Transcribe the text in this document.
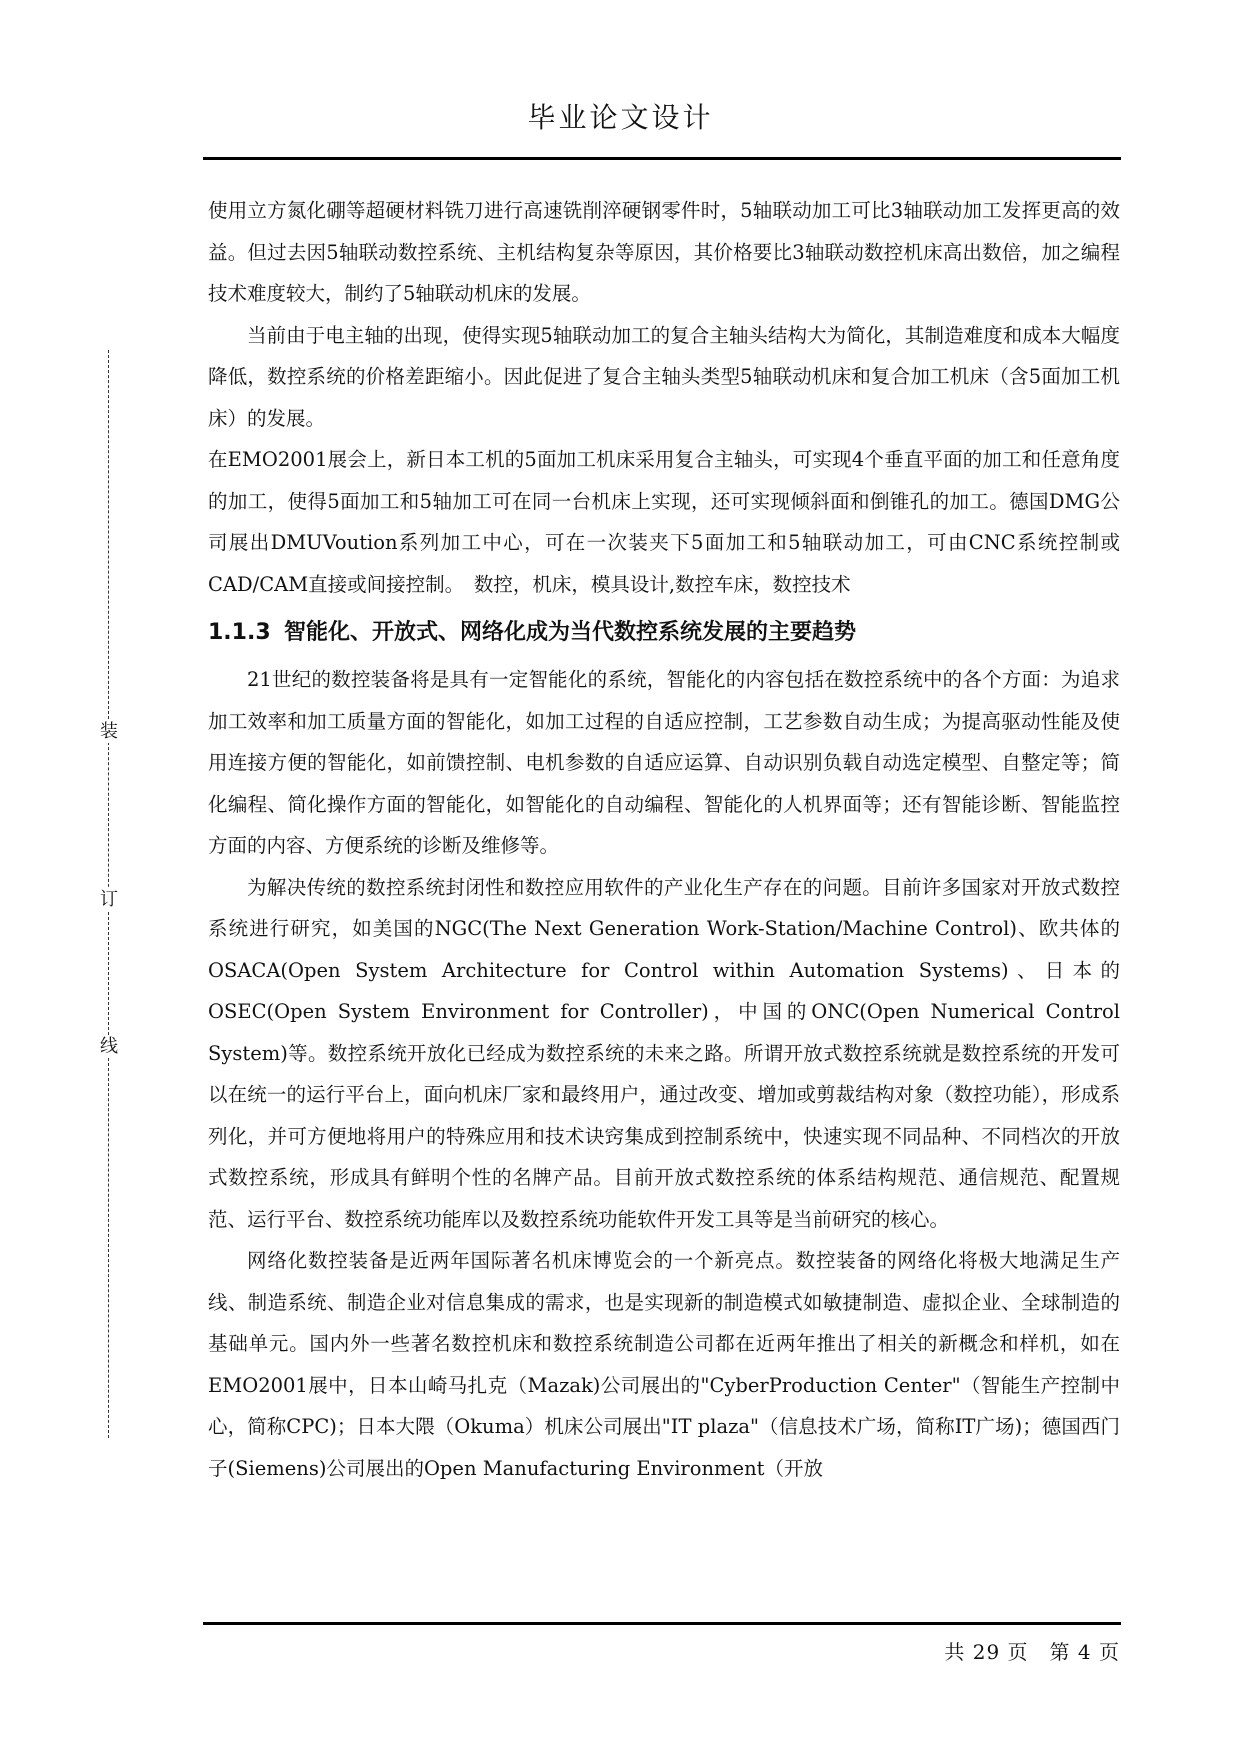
毕业论文设计
装
订
线

使用立方氮化硼等超硬材料铣刀进行高速铣削淬硬钢零件时，5轴联动加工可比3轴联动加工发挥更高的效益。但过去因5轴联动数控系统、主机结构复杂等原因，其价格要比3轴联动数控机床高出数倍，加之编程技术难度较大，制约了5轴联动机床的发展。

当前由于电主轴的出现，使得实现5轴联动加工的复合主轴头结构大为简化，其制造难度和成本大幅度降低，数控系统的价格差距缩小。因此促进了复合主轴头类型5轴联动机床和复合加工机床（含5面加工机床）的发展。

在EMO2001展会上，新日本工机的5面加工机床采用复合主轴头，可实现4个垂直平面的加工和任意角度的加工，使得5面加工和5轴加工可在同一台机床上实现，还可实现倾斜面和倒锥孔的加工。德国DMG公司展出DMUVoution系列加工中心，可在一次装夹下5面加工和5轴联动加工，可由CNC系统控制或CAD/CAM直接或间接控制。　数控，机床，模具设计,数控车床，数控技术

1.1.3 智能化、开放式、网络化成为当代数控系统发展的主要趋势

21世纪的数控装备将是具有一定智能化的系统，智能化的内容包括在数控系统中的各个方面：为追求加工效率和加工质量方面的智能化，如加工过程的自适应控制，工艺参数自动生成；为提高驱动性能及使用连接方便的智能化，如前馈控制、电机参数的自适应运算、自动识别负载自动选定模型、自整定等；简化编程、简化操作方面的智能化，如智能化的自动编程、智能化的人机界面等；还有智能诊断、智能监控方面的内容、方便系统的诊断及维修等。

为解决传统的数控系统封闭性和数控应用软件的产业化生产存在的问题。目前许多国家对开放式数控系统进行研究，如美国的NGC(The Next Generation Work-Station/Machine Control)、欧共体的OSACA(Open System Architecture for Control within Automation Systems)、日本的OSEC(Open System Environment for Controller)，中国的ONC(Open Numerical Control System)等。数控系统开放化已经成为数控系统的未来之路。所谓开放式数控系统就是数控系统的开发可以在统一的运行平台上，面向机床厂家和最终用户，通过改变、增加或剪裁结构对象（数控功能），形成系列化，并可方便地将用户的特殊应用和技术诀窍集成到控制系统中，快速实现不同品种、不同档次的开放式数控系统，形成具有鲜明个性的名牌产品。目前开放式数控系统的体系结构规范、通信规范、配置规范、运行平台、数控系统功能库以及数控系统功能软件开发工具等是当前研究的核心。

网络化数控装备是近两年国际著名机床博览会的一个新亮点。数控装备的网络化将极大地满足生产线、制造系统、制造企业对信息集成的需求，也是实现新的制造模式如敏捷制造、虚拟企业、全球制造的基础单元。国内外一些著名数控机床和数控系统制造公司都在近两年推出了相关的新概念和样机，如在EMO2001展中，日本山崎马扎克（Mazak)公司展出的"CyberProduction Center"（智能生产控制中心，简称CPC)；日本大隈（Okuma）机床公司展出"IT plaza"（信息技术广场，简称IT广场)；德国西门子(Siemens)公司展出的Open Manufacturing Environment（开放

共 29 页　第 4 页
